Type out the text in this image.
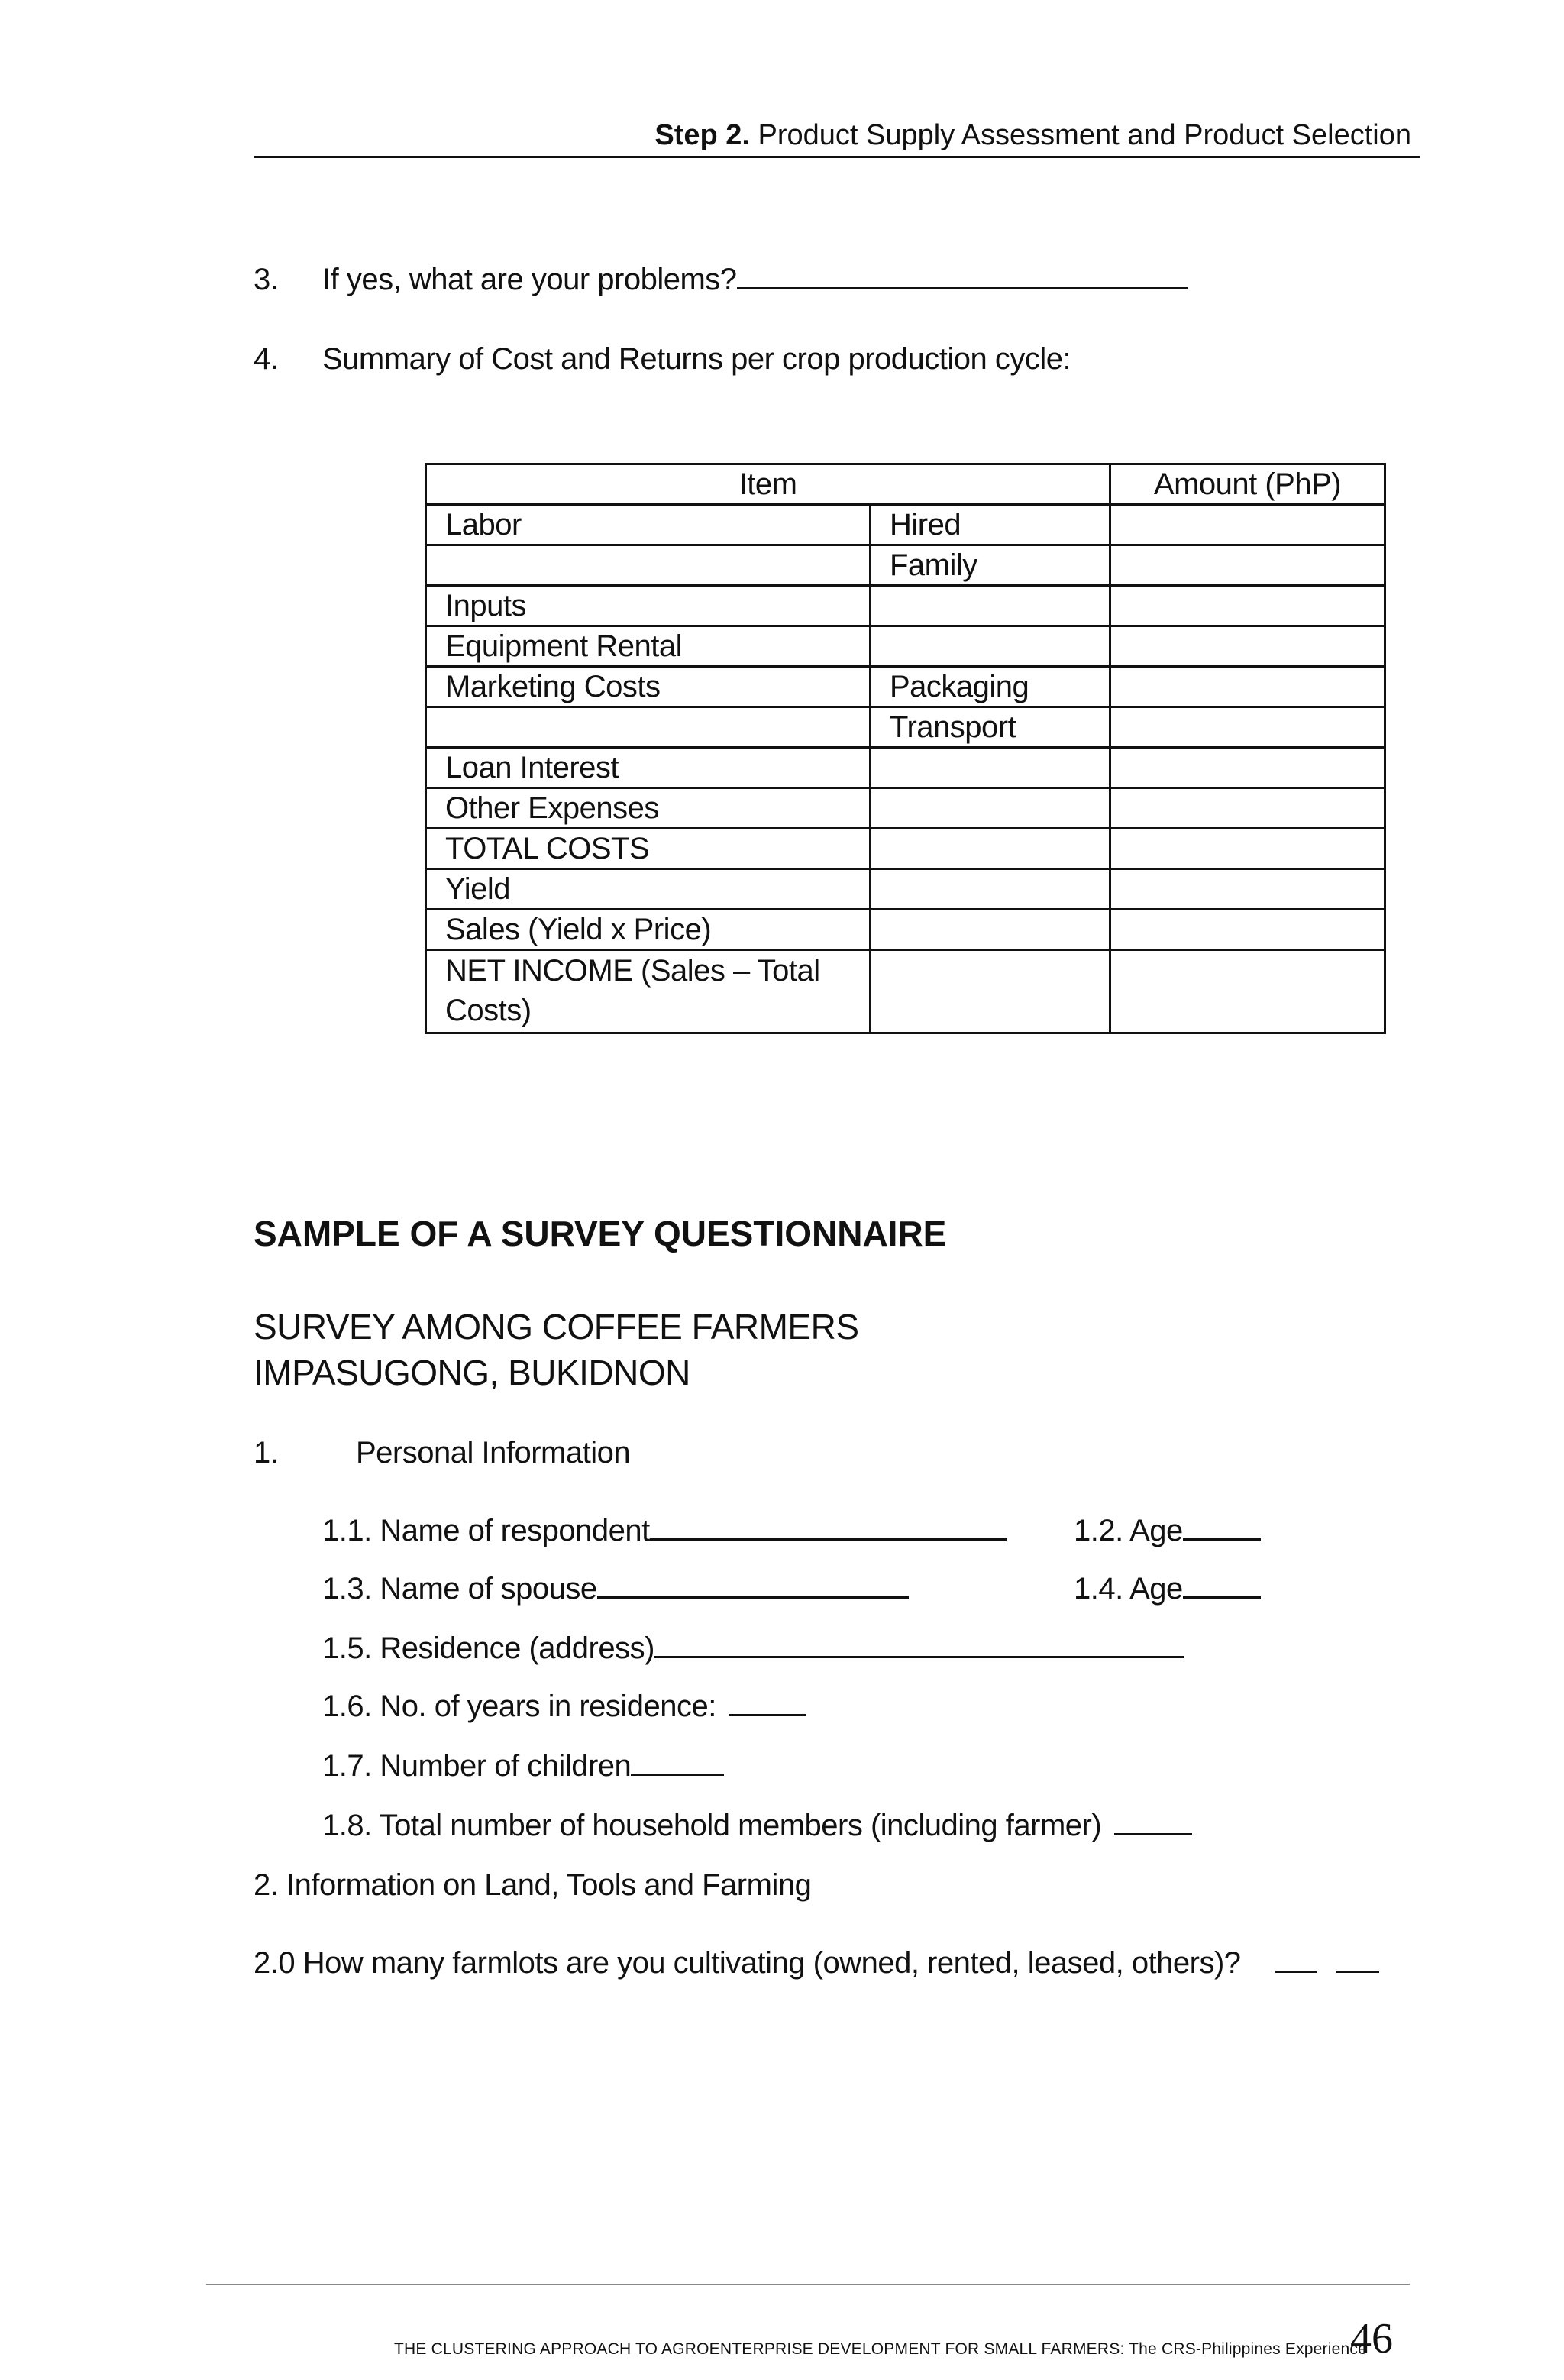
Step 2. Product Supply Assessment and Product Selection
3. If yes, what are your problems?
4. Summary of Cost and Returns per crop production cycle:
Item		Amount (PhP)
Labor	Hired	
	Family	
Inputs		
Equipment Rental		
Marketing Costs	Packaging	
	Transport	
Loan Interest		
Other Expenses		
TOTAL COSTS		
Yield		
Sales (Yield x Price)		
NET INCOME (Sales – Total Costs)		
SAMPLE OF A SURVEY QUESTIONNAIRE
SURVEY AMONG COFFEE FARMERS
IMPASUGONG, BUKIDNON
1.	Personal Information
1.1. Name of respondent	1.2. Age
1.3. Name of spouse	1.4. Age
1.5. Residence (address)
1.6. No. of years in residence:
1.7. Number of children
1.8. Total number of household members (including farmer)
2. Information on Land, Tools and Farming
2.0 How many farmlots are you cultivating (owned, rented, leased, others)?
THE CLUSTERING APPROACH TO AGROENTERPRISE DEVELOPMENT FOR SMALL FARMERS: The CRS-Philippines Experience
46
